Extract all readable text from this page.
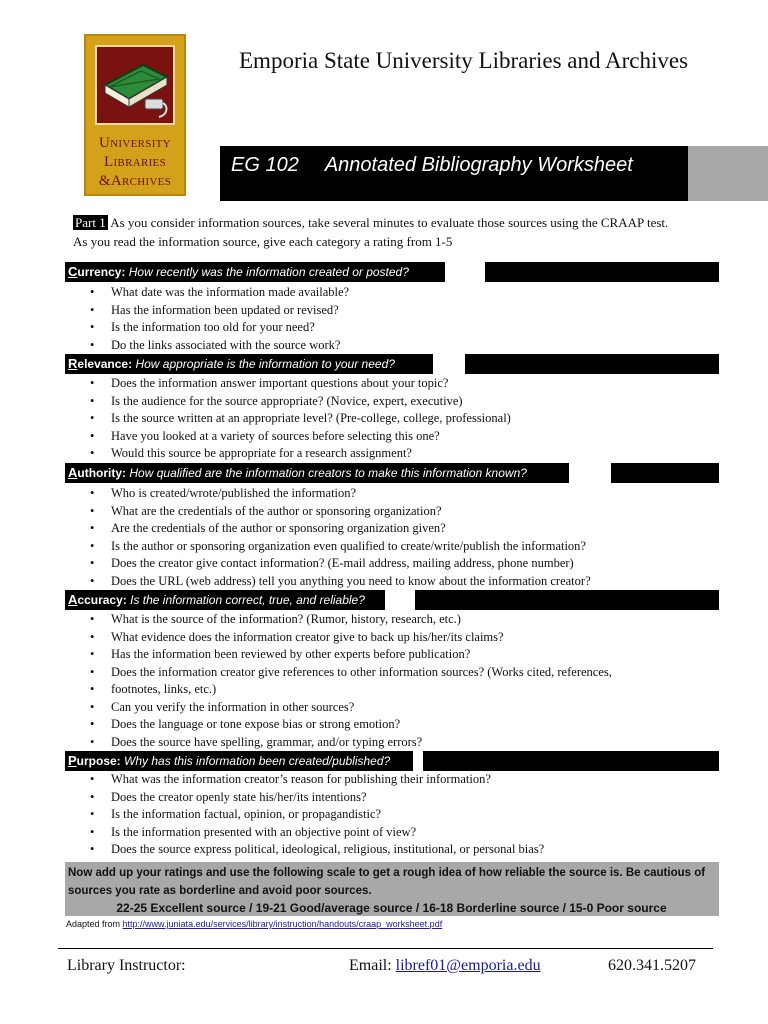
University
Libraries
&Archives
Emporia State University Libraries and Archives
EG 102 Annotated Bibliography Worksheet
Part 1 As you consider information sources, take several minutes to evaluate those sources using the CRAAP test.
As you read the information source, give each category a rating from 1-5
Currency: How recently was the information created or posted?
• What date was the information made available?
• Has the information been updated or revised?
• Is the information too old for your need?
• Do the links associated with the source work?
Relevance: How appropriate is the information to your need?
• Does the information answer important questions about your topic?
• Is the audience for the source appropriate? (Novice, expert, executive)
• Is the source written at an appropriate level? (Pre-college, college, professional)
• Have you looked at a variety of sources before selecting this one?
• Would this source be appropriate for a research assignment?
Authority: How qualified are the information creators to make this information known?
• Who is created/wrote/published the information?
• What are the credentials of the author or sponsoring organization?
• Are the credentials of the author or sponsoring organization given?
• Is the author or sponsoring organization even qualified to create/write/publish the information?
• Does the creator give contact information? (E-mail address, mailing address, phone number)
• Does the URL (web address) tell you anything you need to know about the information creator?
Accuracy: Is the information correct, true, and reliable?
• What is the source of the information? (Rumor, history, research, etc.)
• What evidence does the information creator give to back up his/her/its claims?
• Has the information been reviewed by other experts before publication?
• Does the information creator give references to other information sources? (Works cited, references,
• footnotes, links, etc.)
• Can you verify the information in other sources?
• Does the language or tone expose bias or strong emotion?
• Does the source have spelling, grammar, and/or typing errors?
Purpose: Why has this information been created/published?
• What was the information creator’s reason for publishing their information?
• Does the creator openly state his/her/its intentions?
• Is the information factual, opinion, or propagandistic?
• Is the information presented with an objective point of view?
• Does the source express political, ideological, religious, institutional, or personal bias?
Now add up your ratings and use the following scale to get a rough idea of how reliable the source is. Be cautious of sources you rate as borderline and avoid poor sources.
22-25 Excellent source / 19-21 Good/average source / 16-18 Borderline source / 15-0 Poor source
Adapted from http://www.juniata.edu/services/library/instruction/handouts/craap_worksheet.pdf
Library Instructor:	Email: libref01@emporia.edu	620.341.5207
